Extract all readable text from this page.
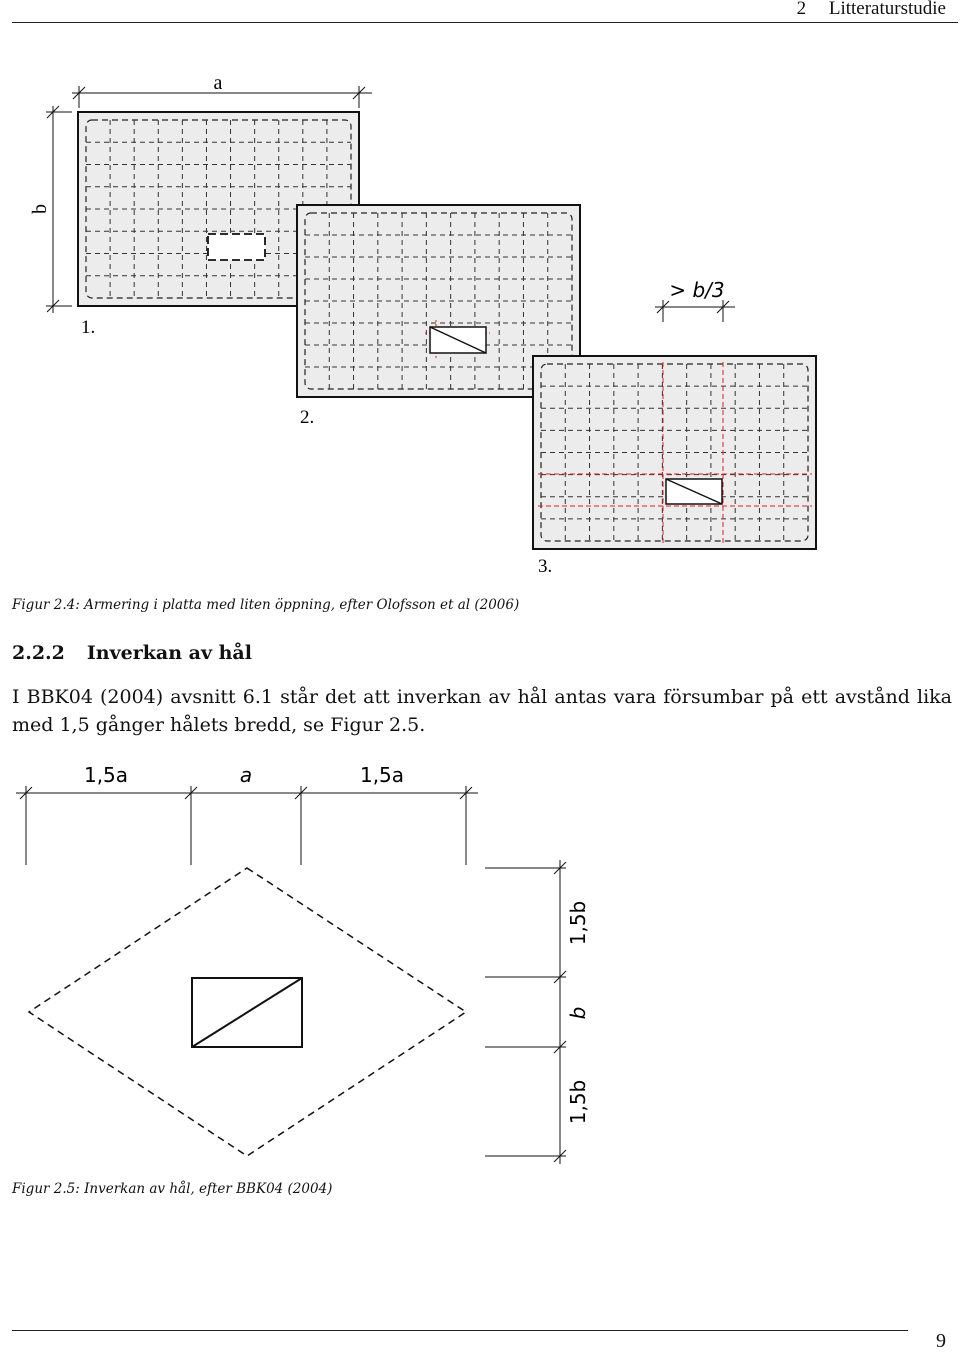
2 Litteraturstudie
a
b
> b/3
1.
2.
3.
Figur 2.4: Armering i platta med liten öppning, efter Olofsson et al (2006)
2.2.2 Inverkan av hål
I BBK04 (2004) avsnitt 6.1 står det att inverkan av hål antas vara försumbar på ett avstånd lika med 1,5 gånger hålets bredd, se Figur 2.5.
1,5a	a	1,5a
1,5b
b
1,5b
Figur 2.5: Inverkan av hål, efter BBK04 (2004)
9
